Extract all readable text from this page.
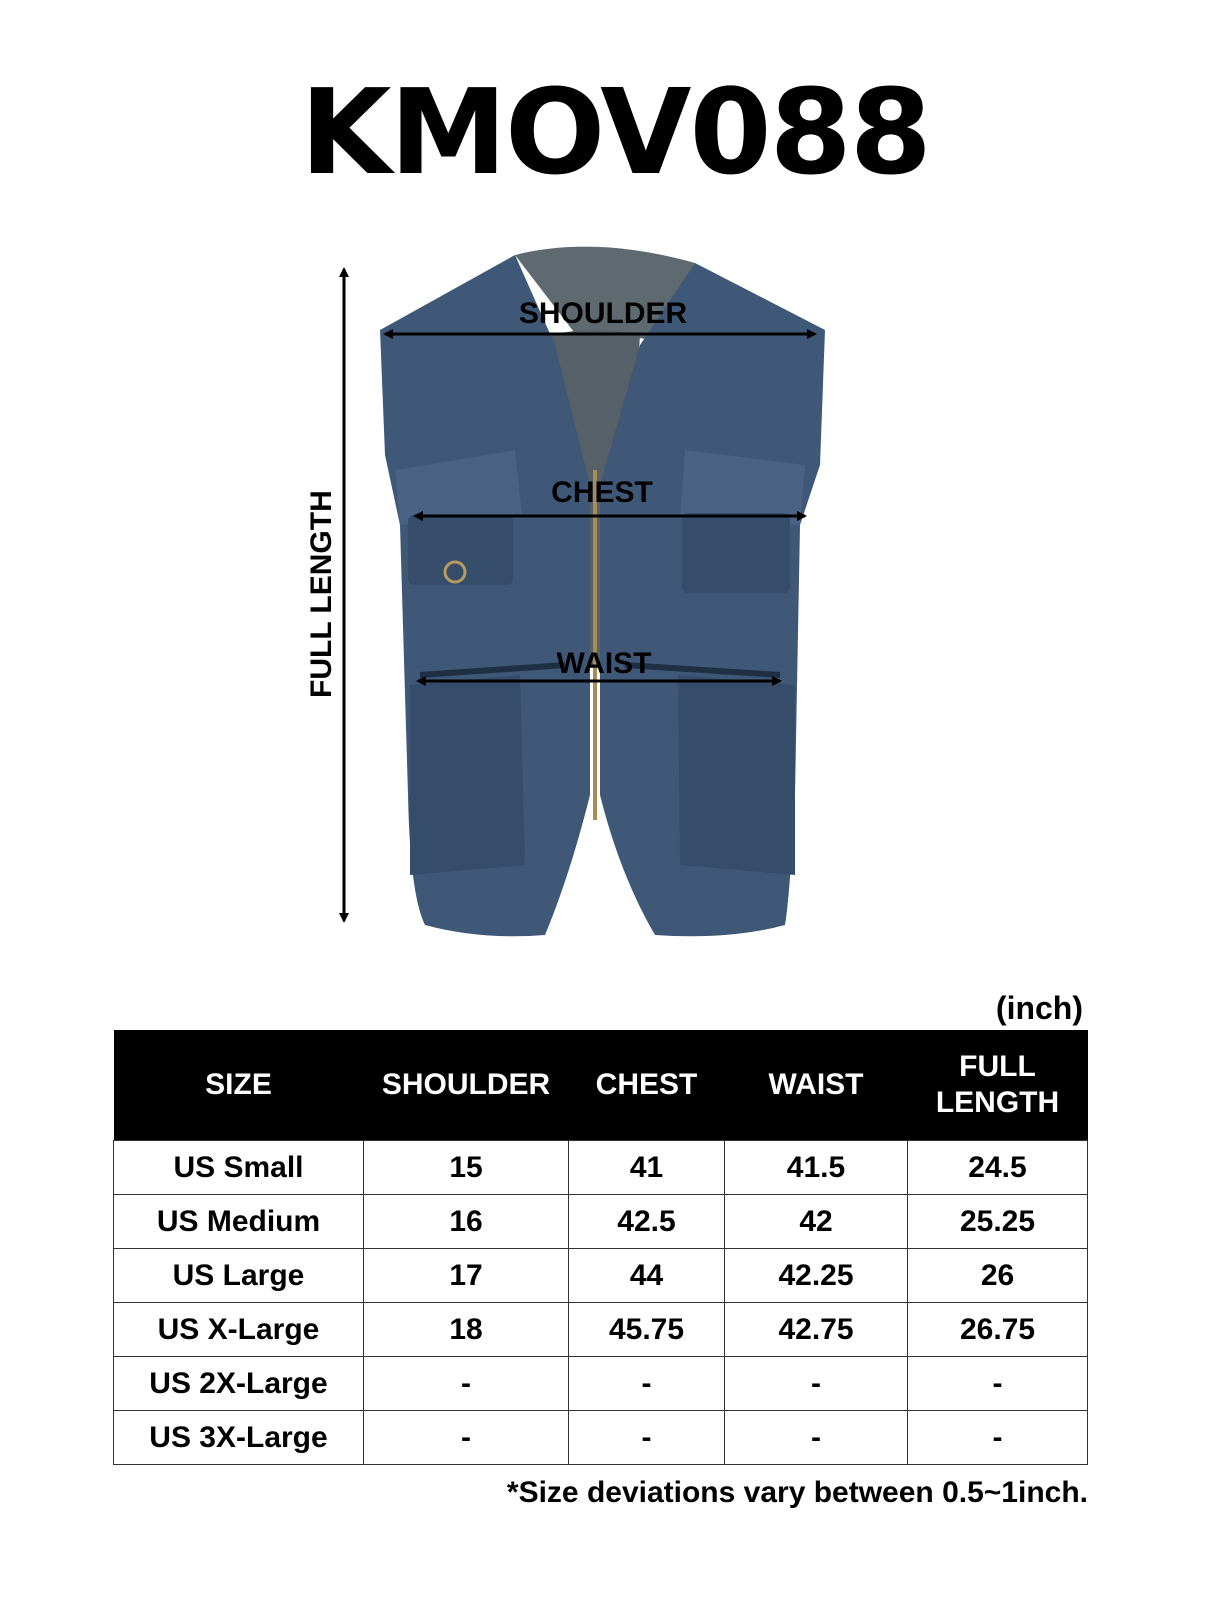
KMOV088
SHOULDER
CHEST
WAIST
FULL LENGTH
(inch)
SIZE	SHOULDER	CHEST	WAIST	FULL LENGTH
US Small	15	41	41.5	24.5
US Medium	16	42.5	42	25.25
US Large	17	44	42.25	26
US X-Large	18	45.75	42.75	26.75
US 2X-Large	-	-	-	-
US 3X-Large	-	-	-	-
*Size deviations vary between 0.5~1inch.
